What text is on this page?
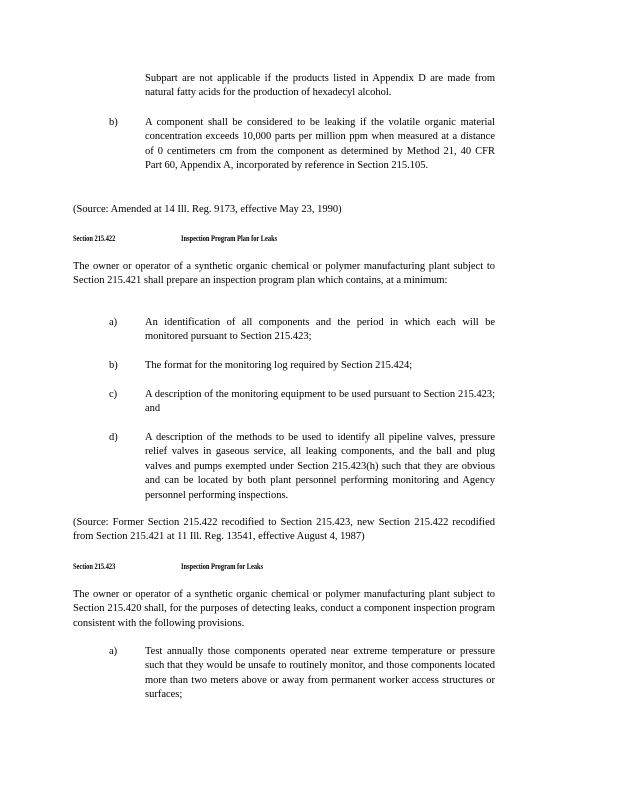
Subpart are not applicable if the products listed in Appendix D are made from natural fatty acids for the production of hexadecyl alcohol.

b)	A component shall be considered to be leaking if the volatile organic material concentration exceeds 10,000 parts per million ppm when measured at a distance of 0 centimeters cm from the component as determined by Method 21, 40 CFR Part 60, Appendix A, incorporated by reference in Section 215.105.

(Source: Amended at 14 Ill. Reg. 9173, effective May 23, 1990)

Section 215.422	Inspection Program Plan for Leaks

The owner or operator of a synthetic organic chemical or polymer manufacturing plant subject to Section 215.421 shall prepare an inspection program plan which contains, at a minimum:

a)	An identification of all components and the period in which each will be monitored pursuant to Section 215.423;
b)	The format for the monitoring log required by Section 215.424;
c)	A description of the monitoring equipment to be used pursuant to Section 215.423; and
d)	A description of the methods to be used to identify all pipeline valves, pressure relief valves in gaseous service, all leaking components, and the ball and plug valves and pumps exempted under Section 215.423(h) such that they are obvious and can be located by both plant personnel performing monitoring and Agency personnel performing inspections.

(Source: Former Section 215.422 recodified to Section 215.423, new Section 215.422 recodified from Section 215.421 at 11 Ill. Reg. 13541, effective August 4, 1987)

Section 215.423	Inspection Program for Leaks

The owner or operator of a synthetic organic chemical or polymer manufacturing plant subject to Section 215.420 shall, for the purposes of detecting leaks, conduct a component inspection program consistent with the following provisions.

a)	Test annually those components operated near extreme temperature or pressure such that they would be unsafe to routinely monitor, and those components located more than two meters above or away from permanent worker access structures or surfaces;
